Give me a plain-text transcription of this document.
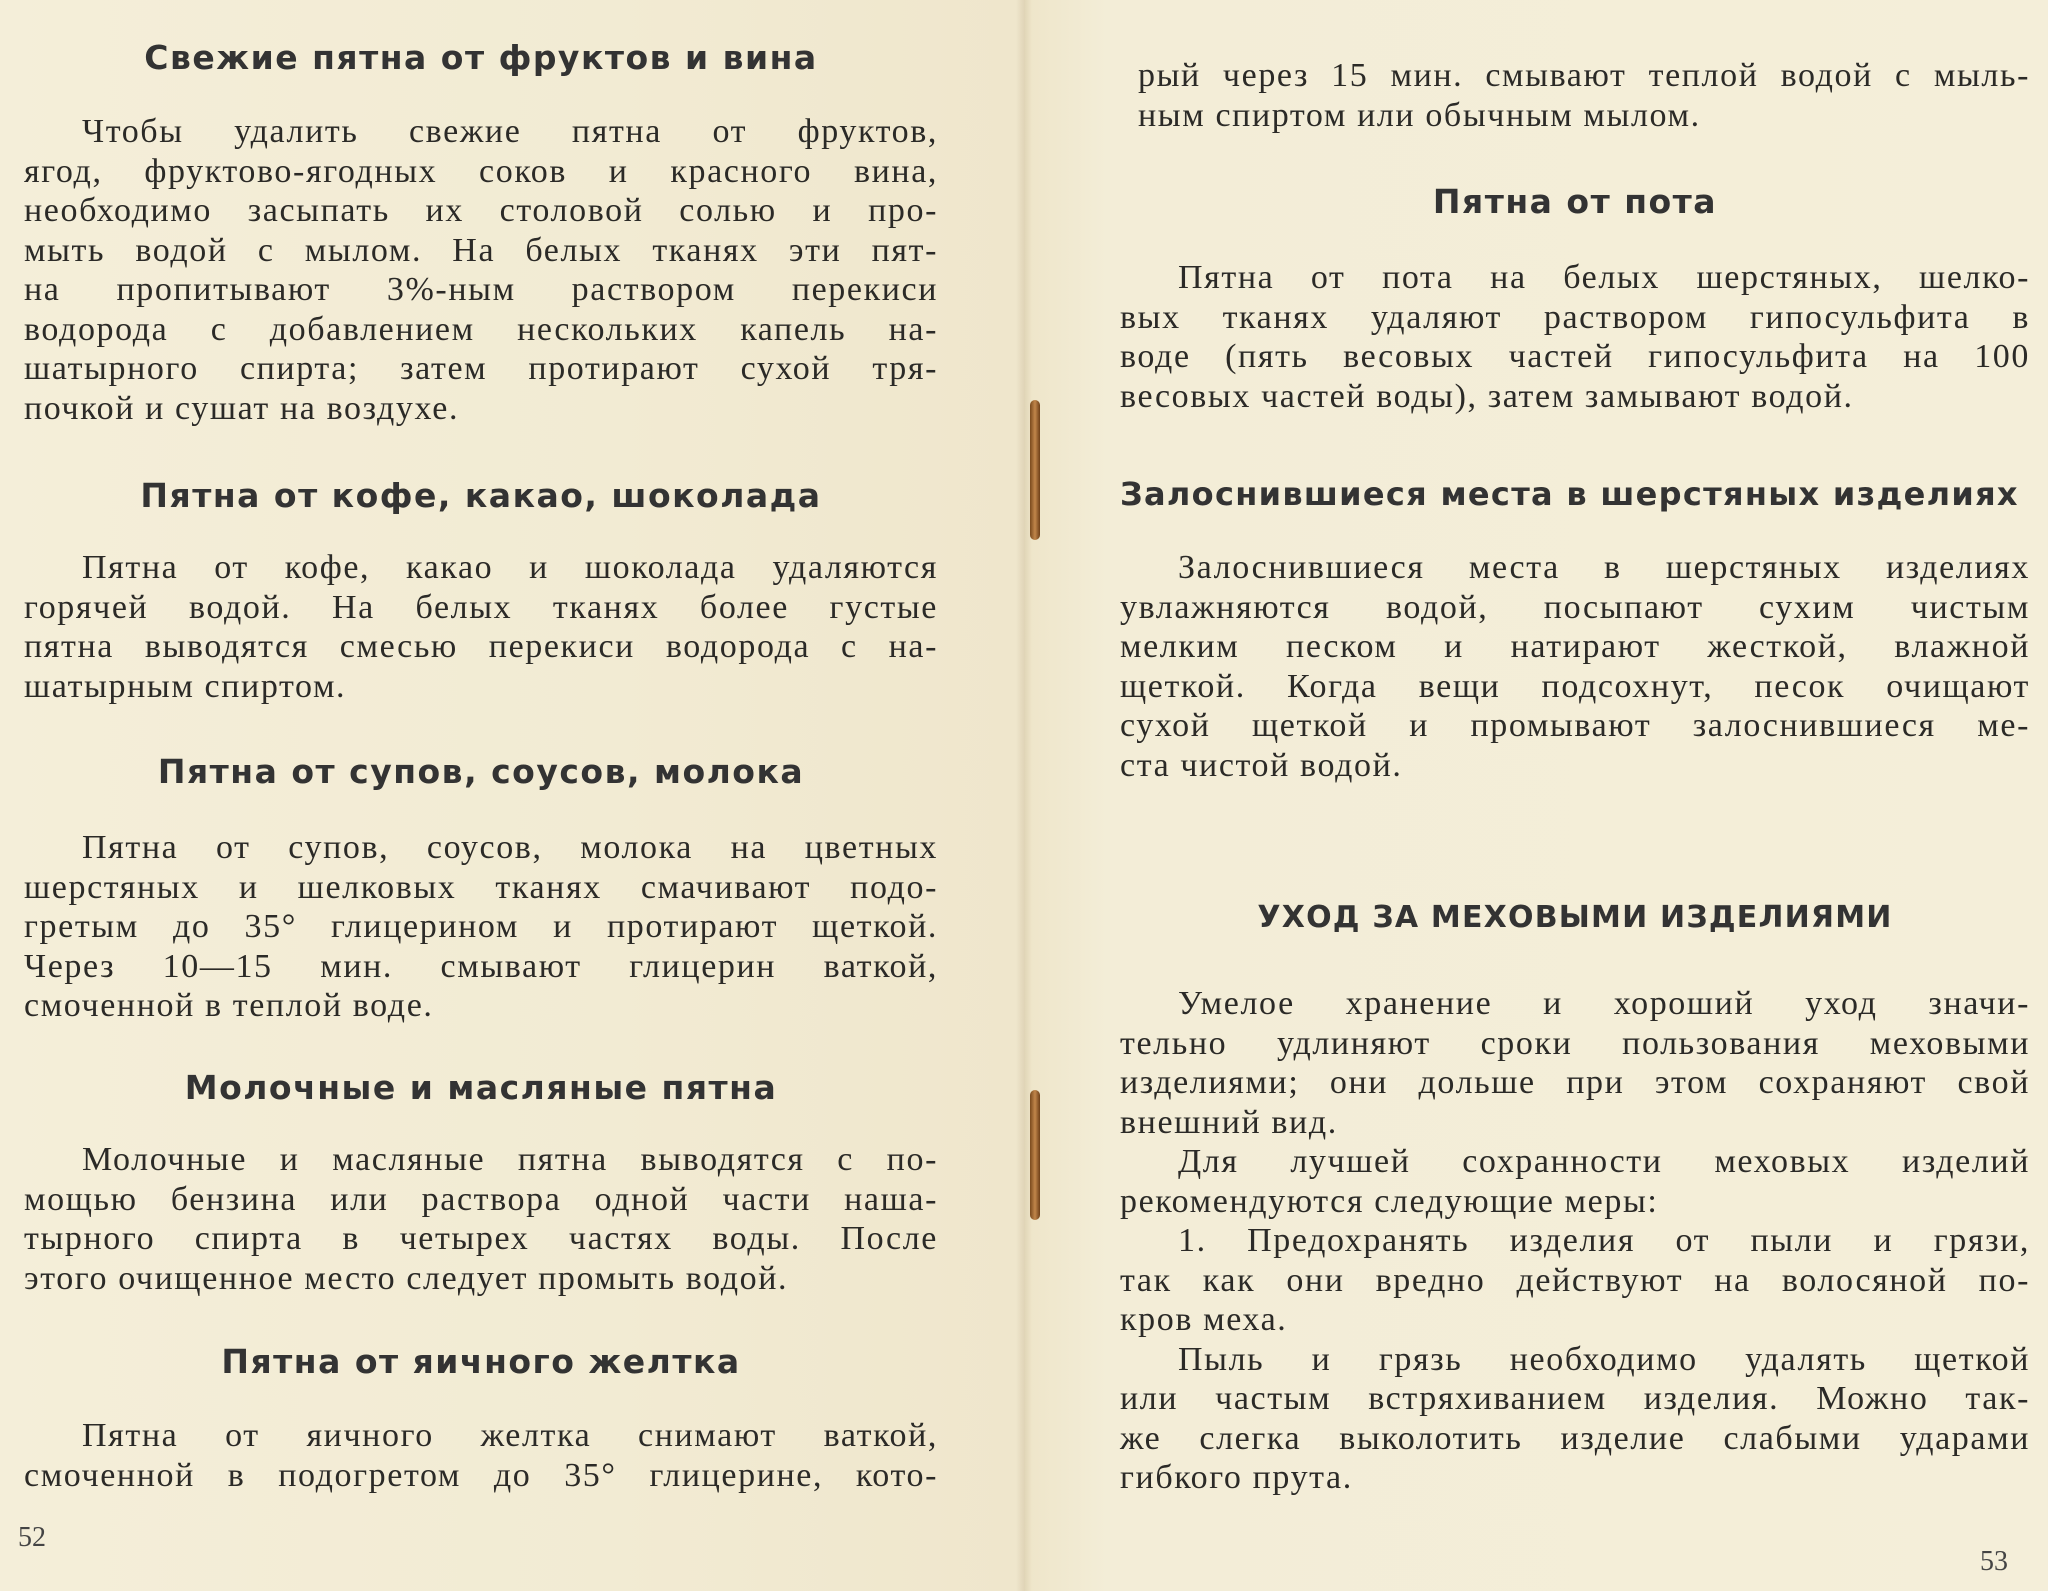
Свежие пятна от фруктов и вина
Чтобы удалить свежие пятна от фруктов,
ягод, фруктово-ягодных соков и красного вина,
необходимо засыпать их столовой солью и про-
мыть водой с мылом. На белых тканях эти пят-
на пропитывают 3%-ным раствором перекиси
водорода с добавлением нескольких капель на-
шатырного спирта; затем протирают сухой тря-
почкой и сушат на воздухе.
Пятна от кофе, какао, шоколада
Пятна от кофе, какао и шоколада удаляются
горячей водой. На белых тканях более густые
пятна выводятся смесью перекиси водорода с на-
шатырным спиртом.
Пятна от супов, соусов, молока
Пятна от супов, соусов, молока на цветных
шерстяных и шелковых тканях смачивают подо-
гретым до 35° глицерином и протирают щеткой.
Через 10—15 мин. смывают глицерин ваткой,
смоченной в теплой воде.
Молочные и масляные пятна
Молочные и масляные пятна выводятся с по-
мощью бензина или раствора одной части наша-
тырного спирта в четырех частях воды. После
этого очищенное место следует промыть водой.
Пятна от яичного желтка
Пятна от яичного желтка снимают ваткой,
смоченной в подогретом до 35° глицерине, кото-
52
рый через 15 мин. смывают теплой водой с мыль-
ным спиртом или обычным мылом.
Пятна от пота
Пятна от пота на белых шерстяных, шелко-
вых тканях удаляют раствором гипосульфита в
воде (пять весовых частей гипосульфита на 100
весовых частей воды), затем замывают водой.
Залоснившиеся места в шерстяных изделиях
Залоснившиеся места в шерстяных изделиях
увлажняются водой, посыпают сухим чистым
мелким песком и натирают жесткой, влажной
щеткой. Когда вещи подсохнут, песок очищают
сухой щеткой и промывают залоснившиеся ме-
ста чистой водой.
УХОД ЗА МЕХОВЫМИ ИЗДЕЛИЯМИ
Умелое хранение и хороший уход значи-
тельно удлиняют сроки пользования меховыми
изделиями; они дольше при этом сохраняют свой
внешний вид.
Для лучшей сохранности меховых изделий
рекомендуются следующие меры:
1. Предохранять изделия от пыли и грязи,
так как они вредно действуют на волосяной по-
кров меха.
Пыль и грязь необходимо удалять щеткой
или частым встряхиванием изделия. Можно так-
же слегка выколотить изделие слабыми ударами
гибкого прута.
53
